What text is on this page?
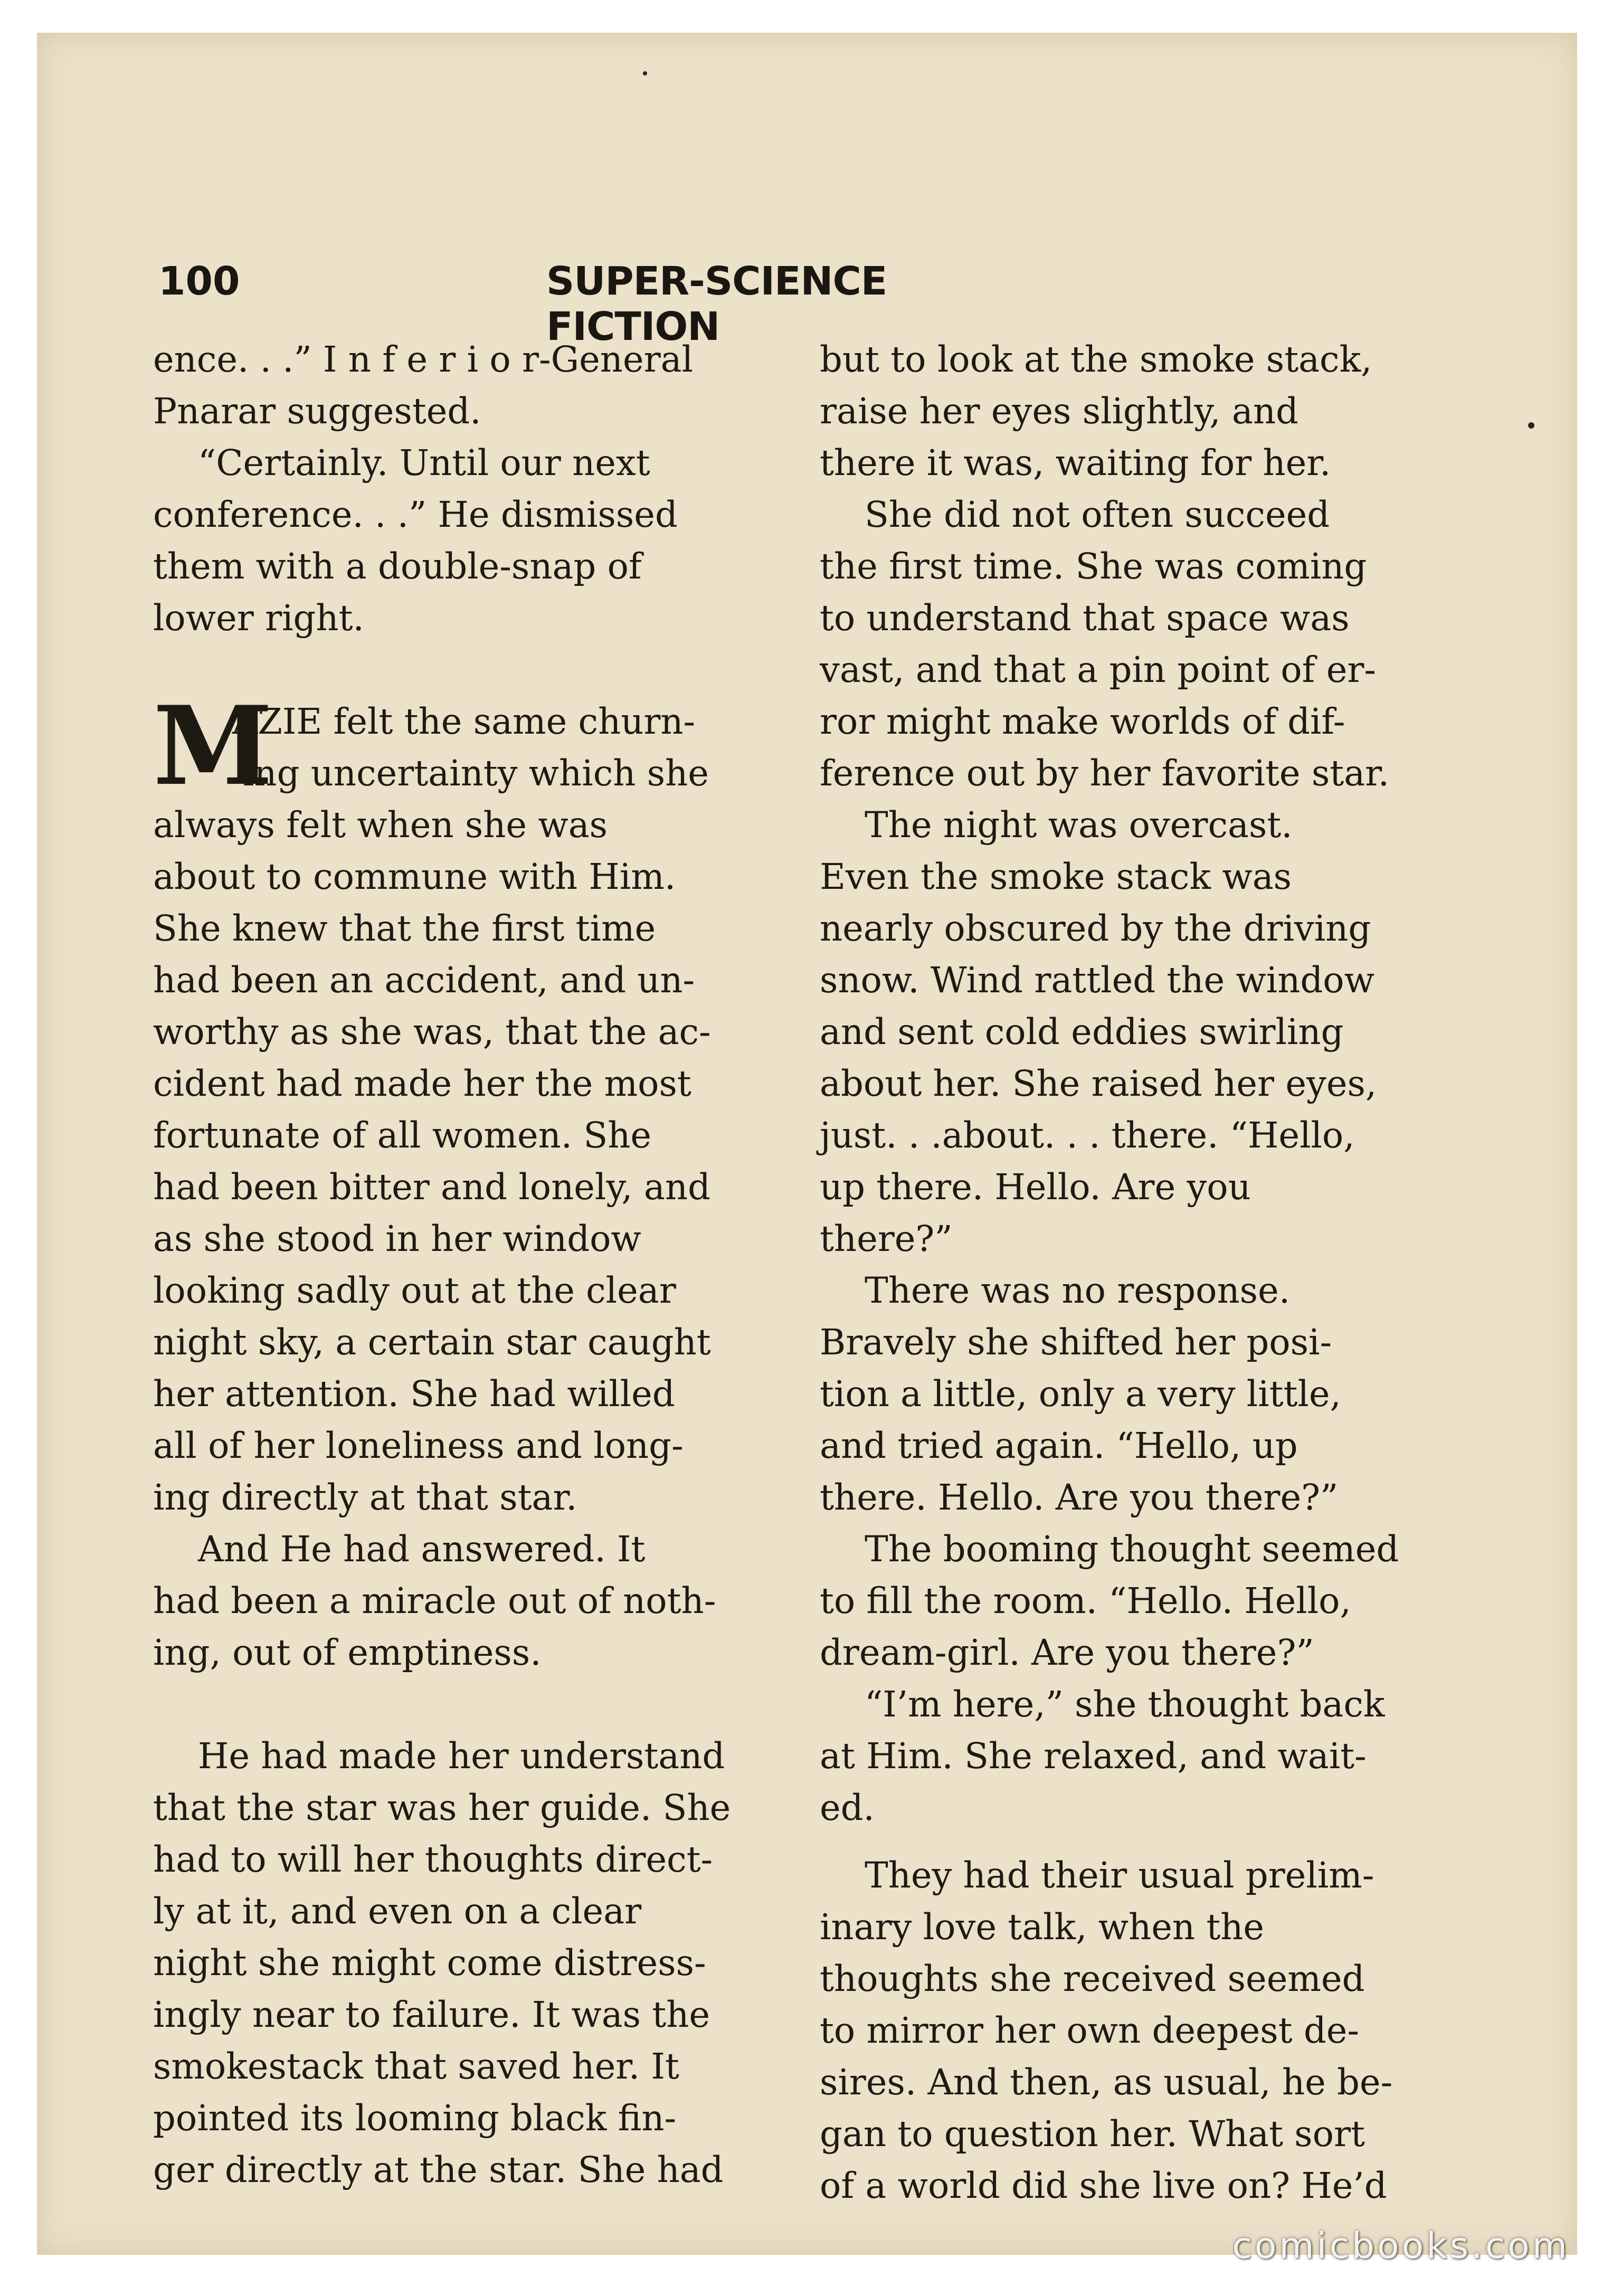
100	SUPER-SCIENCE FICTION
ence. . .” I n f e r i o r-General
Pnarar suggested.
“Certainly. Until our next
conference. . .” He dismissed
them with a double-snap of
lower right.
M
AZIE felt the same churn-
ing uncertainty which she
always felt when she was
about to commune with Him.
She knew that the first time
had been an accident, and un-
worthy as she was, that the ac-
cident had made her the most
fortunate of all women. She
had been bitter and lonely, and
as she stood in her window
looking sadly out at the clear
night sky, a certain star caught
her attention. She had willed
all of her loneliness and long-
ing directly at that star.
And He had answered. It
had been a miracle out of noth-
ing, out of emptiness.
He had made her understand
that the star was her guide. She
had to will her thoughts direct-
ly at it, and even on a clear
night she might come distress-
ingly near to failure. It was the
smokestack that saved her. It
pointed its looming black fin-
ger directly at the star. She had
but to look at the smoke stack,
raise her eyes slightly, and
there it was, waiting for her.
She did not often succeed
the first time. She was coming
to understand that space was
vast, and that a pin point of er-
ror might make worlds of dif-
ference out by her favorite star.
The night was overcast.
Even the smoke stack was
nearly obscured by the driving
snow. Wind rattled the window
and sent cold eddies swirling
about her. She raised her eyes,
just. . .about. . . there. “Hello,
up there. Hello. Are you
there?”
There was no response.
Bravely she shifted her posi-
tion a little, only a very little,
and tried again. “Hello, up
there. Hello. Are you there?”
The booming thought seemed
to fill the room. “Hello. Hello,
dream-girl. Are you there?”
“I’m here,” she thought back
at Him. She relaxed, and wait-
ed.
They had their usual prelim-
inary love talk, when the
thoughts she received seemed
to mirror her own deepest de-
sires. And then, as usual, he be-
gan to question her. What sort
of a world did she live on? He’d
comicbooks.com
